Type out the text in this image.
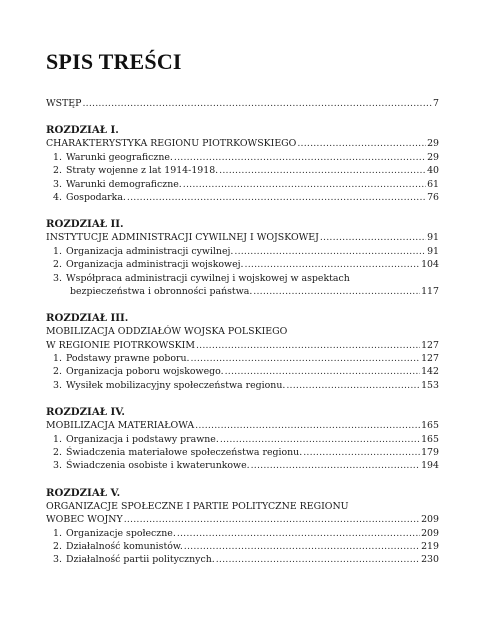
SPIS TREŚCI
WSTĘP .....	7
ROZDZIAŁ I.
CHARAKTERYSTYKA REGIONU PIOTRKOWSKIEGO .....	29
1. Warunki geograficzne. .....	29
2. Straty wojenne z lat 1914-1918. .....	40
3. Warunki demograficzne. .....	61
4. Gospodarka. .....	76
ROZDZIAŁ II.
INSTYTUCJE ADMINISTRACJI CYWILNEJ I WOJSKOWEJ .....	91
1. Organizacja administracji cywilnej. .....	91
2. Organizacja administracji wojskowej. .....	104
3. Współpraca administracji cywilnej i wojskowej w aspektach
bezpieczeństwa i obronności państwa. .....	117
ROZDZIAŁ III.
MOBILIZACJA ODDZIAŁÓW WOJSKA POLSKIEGO
W REGIONIE PIOTRKOWSKIM .....	127
1. Podstawy prawne poboru. .....	127
2. Organizacja poboru wojskowego. .....	142
3. Wysiłek mobilizacyjny społeczeństwa regionu. .....	153
ROZDZIAŁ IV.
MOBILIZACJA MATERIAŁOWA .....	165
1. Organizacja i podstawy prawne. .....	165
2. Świadczenia materiałowe społeczeństwa regionu. .....	179
3. Świadczenia osobiste i kwaterunkowe. .....	194
ROZDZIAŁ V.
ORGANIZACJE SPOŁECZNE I PARTIE POLITYCZNE REGIONU
WOBEC WOJNY .....	209
1. Organizacje społeczne. .....	209
2. Działalność komunistów. .....	219
3. Działalność partii politycznych. .....	230
